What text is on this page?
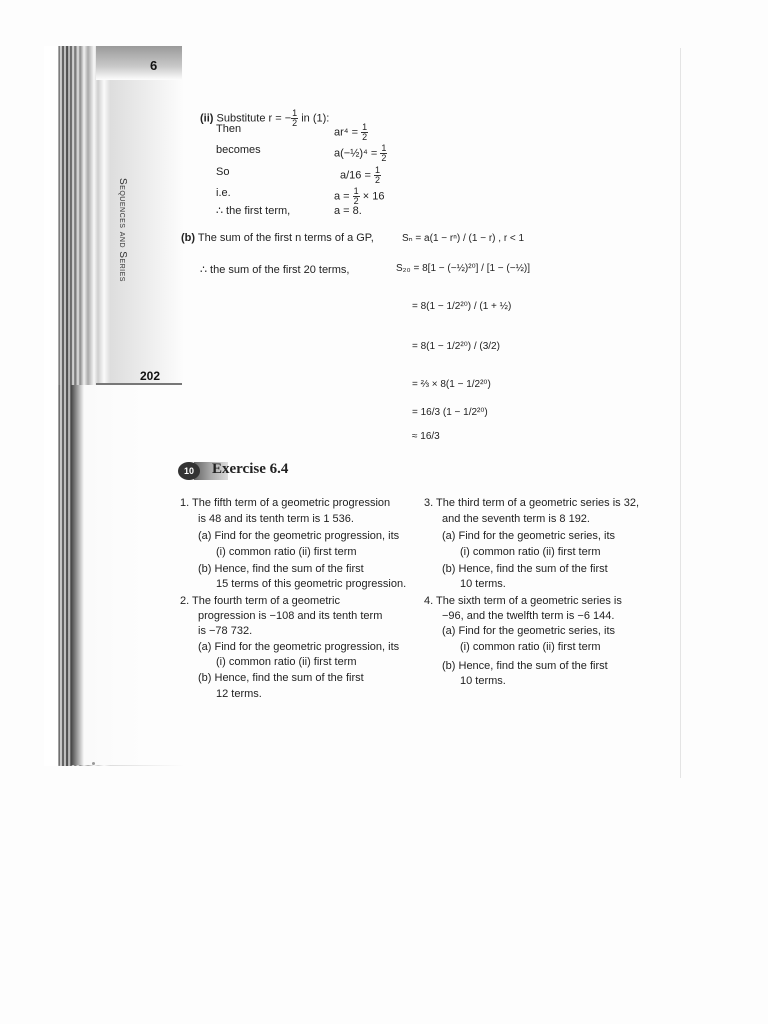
6
Sequences and Series
202
(ii) Substitute r = − $\frac{1}{2}$ in (1):
Then	$ar^4 = \frac{1}{2}$
becomes	a(−½)⁴ = $\frac{1}{2}$
So	$a/16 = \frac{1}{2}$
i.e.	$a = \frac{1}{2} \times 16$
∴ the first term,	a = 8.
(b) The sum of the first n terms of a GP,	Sₙ = a(1 − rⁿ) / (1 − r) , r < 1
∴ the sum of the first 20 terms,	S₂₀ = 8[1 − (−½)²⁰] / [1 − (−½)]
= 8(1 − 1/2²⁰) / (1 + ½)
= 8(1 − 1/2²⁰) / (3/2)
= ⅔ × 8(1 − 1/2²⁰)
= 16/3 (1 − 1/2²⁰)
≈ 16/3
10	Exercise 6.4
1. The fifth term of a geometric progression
is 48 and its tenth term is 1 536.
(a) Find for the geometric progression, its
(i) common ratio (ii) first term
(b) Hence, find the sum of the first
15 terms of this geometric progression.
2. The fourth term of a geometric
progression is −108 and its tenth term
is −78 732.
(a) Find for the geometric progression, its
(i) common ratio (ii) first term
(b) Hence, find the sum of the first
12 terms.
3. The third term of a geometric series is 32,
and the seventh term is 8 192.
(a) Find for the geometric series, its
(i) common ratio (ii) first term
(b) Hence, find the sum of the first
10 terms.
4. The sixth term of a geometric series is
−96, and the twelfth term is −6 144.
(a) Find for the geometric series, its
(i) common ratio (ii) first term
(b) Hence, find the sum of the first
10 terms.
